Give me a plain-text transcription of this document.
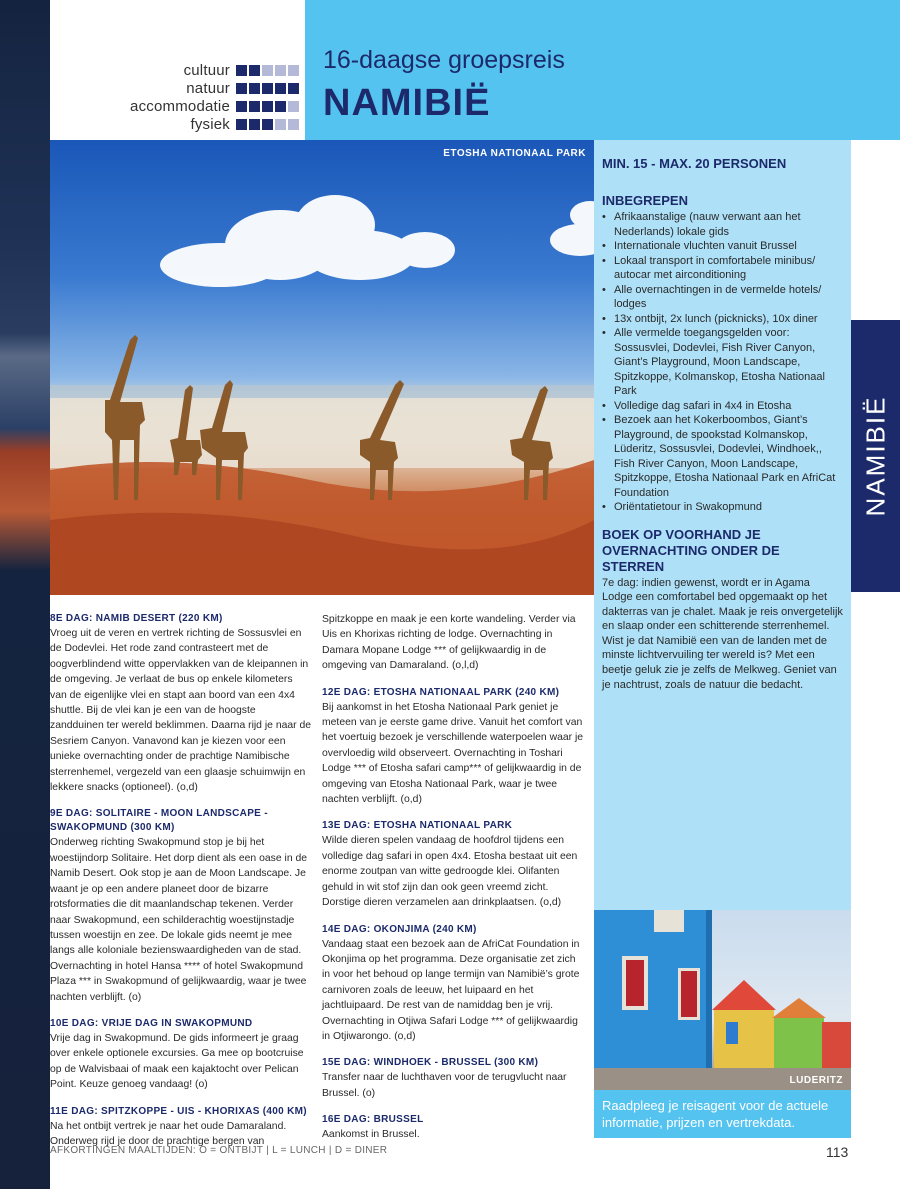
cultuur
natuur
accommodatie
fysiek
16-daagse groepsreis
NAMIBIË
ETOSHA NATIONAAL PARK
MIN. 15 - MAX. 20 PERSONEN
INBEGREPEN
• Afrikaanstalige (nauw verwant aan het Nederlands) lokale gids
• Internationale vluchten vanuit Brussel
• Lokaal transport in comfortabele minibus/ autocar met airconditioning
• Alle overnachtingen in de vermelde hotels/ lodges
• 13x ontbijt, 2x lunch (picknicks), 10x diner
• Alle vermelde toegangsgelden voor: Sossusvlei, Dodevlei, Fish River Canyon, Giant’s Playground, Moon Landscape, Spitzkoppe, Kolmanskop, Etosha Nationaal Park
• Volledige dag safari in 4x4 in Etosha
• Bezoek aan het Kokerboombos, Giant’s Playground, de spookstad Kolmanskop, Lüderitz, Sossusvlei, Dodevlei, Windhoek,, Fish River Canyon, Moon Landscape, Spitzkoppe, Etosha Nationaal Park en AfriCat Foundation
• Oriëntatietour in Swakopmund
BOEK OP VOORHAND JE OVERNACHTING ONDER DE STERREN
7e dag: indien gewenst, wordt er in Agama Lodge een comfortabel bed opgemaakt op het dakterras van je chalet. Maak je reis onvergetelijk en slaap onder een schitterende sterrenhemel. Wist je dat Namibië een van de landen met de minste lichtvervuiling ter wereld is? Met een beetje geluk zie je zelfs de Melkweg. Geniet van je nachtrust, zoals de natuur die bedacht.
NAMIBIË
8E DAG: NAMIB DESERT (220 KM)

Vroeg uit de veren en vertrek richting de Sossusvlei en de Dodevlei. Het rode zand contrasteert met de oogverblindend witte oppervlakken van de kleipannen in de omgeving. Je verlaat de bus op enkele kilometers van de eigenlijke vlei en stapt aan boord van een 4x4 shuttle. Bij de vlei kan je een van de hoogste zandduinen ter wereld beklimmen. Daarna rijd je naar de Sesriem Canyon. Vanavond kan je kiezen voor een unieke overnachting onder de prachtige Namibische sterrenhemel, vergezeld van een glaasje schuimwijn en lekkere snacks (optioneel). (o,d)

9E DAG: SOLITAIRE - MOON LANDSCAPE - SWAKOPMUND (300 KM)

Onderweg richting Swakopmund stop je bij het woestijndorp Solitaire. Het dorp dient als een oase in de Namib Desert. Ook stop je aan de Moon Landscape. Je waant je op een andere planeet door de bizarre rotsformaties die dit maanlandschap tekenen. Verder naar Swakopmund, een schilderachtig woestijnstadje tussen woestijn en zee. De lokale gids neemt je mee langs alle koloniale bezienswaardigheden van de stad. Overnachting in hotel Hansa **** of hotel Swakopmund Plaza *** in Swakopmund of gelijkwaardig, waar je twee nachten verblijft. (o)

10E DAG: VRIJE DAG IN SWAKOPMUND

Vrije dag in Swakopmund. De gids informeert je graag over enkele optionele excursies. Ga mee op bootcruise op de Walvisbaai of maak een kajaktocht over Pelican Point. Keuze genoeg vandaag! (o)

11E DAG: SPITZKOPPE - UIS - KHORIXAS (400 KM)

Na het ontbijt vertrek je naar het oude Damaraland. Onderweg rijd je door de prachtige bergen van

Spitzkoppe en maak je een korte wandeling. Verder via Uis en Khorixas richting de lodge. Overnachting in Damara Mopane Lodge *** of gelijkwaardig in de omgeving van Damaraland. (o,l,d)

12E DAG: ETOSHA NATIONAAL PARK (240 KM)

Bij aankomst in het Etosha Nationaal Park geniet je meteen van je eerste game drive. Vanuit het comfort van het voertuig bezoek je verschillende waterpoelen waar je overvloedig wild observeert. Overnachting in Toshari Lodge *** of Etosha safari camp*** of gelijkwaardig in de omgeving van Etosha Nationaal Park, waar je twee nachten verblijft. (o,d)

13E DAG: ETOSHA NATIONAAL PARK

Wilde dieren spelen vandaag de hoofdrol tijdens een volledige dag safari in open 4x4. Etosha bestaat uit een enorme zoutpan van witte gedroogde klei. Olifanten gehuld in wit stof zijn dan ook geen vreemd zicht. Dorstige dieren verzamelen aan drinkplaatsen. (o,d)

14E DAG: OKONJIMA (240 KM)

Vandaag staat een bezoek aan de AfriCat Foundation in Okonjima op het programma. Deze organisatie zet zich in voor het behoud op lange termijn van Namibië’s grote carnivoren zoals de leeuw, het luipaard en het jachtluipaard. De rest van de namiddag ben je vrij. Overnachting in Otjiwa Safari Lodge *** of gelijkwaardig in Otjiwarongo. (o,d)

15E DAG: WINDHOEK - BRUSSEL (300 KM)

Transfer naar de luchthaven voor de terugvlucht naar Brussel. (o)

16E DAG: BRUSSEL

Aankomst in Brussel.

LUDERITZ
Raadpleeg je reisagent voor de actuele informatie, prijzen en vertrekdata.
AFKORTINGEN MAALTIJDEN: O = ONTBIJT | L = LUNCH | D = DINER	113
